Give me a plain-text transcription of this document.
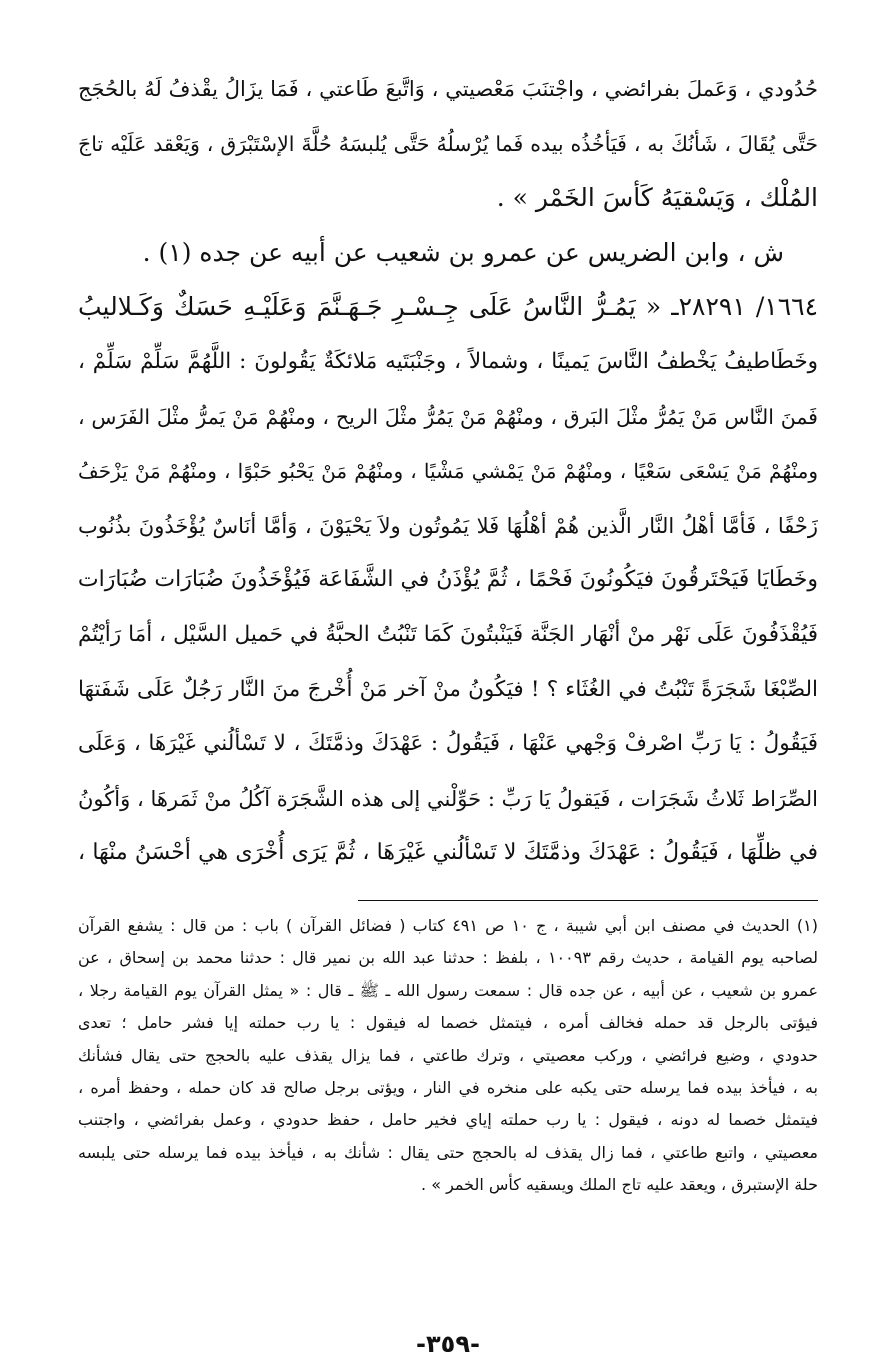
حُدُودي ، وَعَملَ بفرائضي ، واجْتنَبَ مَعْصيتي ، وَاتَّبعَ طَاعتي ، فَمَا يزَالُ يقْذفُ لَهُ بالحُجَج

حَتَّى يُقَالَ ، شَأنُكَ به ، فَيَأخُذُه بيده فَما يُرْسلُهُ حَتَّى يُلبسَهُ حُلَّةَ الإسْتَبْرَق ، وَيَعْقد عَلَيْه تاجَ

المُلْك ، وَيَسْقيَهُ كَأسَ الخَمْر » .

ش ، وابن الضريس عن عمرو بن شعيب عن أبيه عن جده (١) .

١٦٦٤/ ٢٨٢٩١ـ « يَمُـرُّ النَّاسُ عَلَى جِـسْـرِ جَـهَـنَّمَ وَعَلَيْـهِ حَسَكٌ وَكَـلاليبُ

وخَطَاطيفُ يَخْطفُ النَّاسَ يَمينًا ، وشمالاً ، وجَنْبَتَيه مَلائكَةٌ يَقُولونَ : اللَّهُمَّ سَلِّمْ سَلِّمْ ،

فَمنَ النَّاس مَنْ يَمُرُّ مثْلَ البَرق ، ومنْهُمْ مَنْ يَمُرُّ مثْلَ الريح ، ومنْهُمْ مَنْ يَمرُّ مثْلَ الفَرَس ،

ومنْهُمْ مَنْ يَسْعَى سَعْيًا ، ومنْهُمْ مَنْ يَمْشي مَشْيًا ، ومنْهُمْ مَنْ يَحْبُو حَبْوًا ، ومنْهُمْ مَنْ يَزْحَفُ

زَحْفًا ، فَأمَّا أهْلُ النَّار الَّذين هُمْ أهْلُهَا فَلا يَمُوتُون ولاَ يَحْيَوْنَ ، وَأمَّا أنَاسٌ يُؤْخَذُونَ بذُنُوب

وخَطَايَا فَيَحْتَرقُونَ فيَكُونُونَ فَحْمًا ، ثُمَّ يُؤْذَنُ في الشَّفَاعَة فَيُؤْخَذُونَ ضُبَارَات ضُبَارَات

فَيُقْذَفُونَ عَلَى نَهْر منْ أنْهَار الجَنَّة فَيَنْبتُونَ كَمَا تَنْبُتُ الحبَّةُ في حَميل السَّيْل ، أمَا رَأيْتُمْ

الصِّبْغَا شَجَرَةً تَنْبُتُ في الغُثَاء ؟ ! فيَكُونُ منْ آخر مَنْ أُخْرجَ منَ النَّار رَجُلٌ عَلَى شَفَتهَا

فَيَقُولُ : يَا رَبِّ اصْرفْ وَجْهي عَنْهَا ، فَيَقُولُ : عَهْدَكَ وذمَّتَكَ ، لا تَسْألُني غَيْرَهَا ، وَعَلَى

الصِّرَاط ثَلاثُ شَجَرَات ، فَيَقولُ يَا رَبِّ : حَوِّلْني إلى هذه الشَّجَرَة آكُلُ منْ ثَمَرهَا ، وَأكُونُ

في ظلِّهَا ، فَيَقُولُ : عَهْدَكَ وذمَّتَكَ لا تَسْألُني غَيْرَهَا ، ثُمَّ يَرَى أُخْرَى هي أحْسَنُ منْهَا ،

(١) الحديث في مصنف ابن أبي شيبة ، ج ١٠ ص ٤٩١ كتاب ( فضائل القرآن ) باب : من قال : يشفع القرآن

لصاحبه يوم القيامة ، حديث رقم ١٠٠٩٣ ، بلفظ : حدثنا عبد الله بن نمير قال : حدثنا محمد بن إسحاق ، عن

عمرو بن شعيب ، عن أبيه ، عن جده قال : سمعت رسول الله ـ ﷺ ـ قال : « يمثل القرآن يوم القيامة رجلا ،

فيؤتى بالرجل قد حمله فخالف أمره ، فيتمثل خصما له فيقول : يا رب حملته إيا فشر حامل ؛ تعدى

حدودي ، وضيع فرائضي ، وركب معصيتي ، وترك طاعتي ، فما يزال يقذف عليه بالحجج حتى يقال فشأنك

به ، فيأخذ بيده فما يرسله حتى يكبه على منخره في النار ، ويؤتى برجل صالح قد كان حمله ، وحفظ أمره ،

فيتمثل خصما له دونه ، فيقول : يا رب حملته إياي فخير حامل ، حفظ حدودي ، وعمل بفرائضي ، واجتنب

معصيتي ، واتبع طاعتي ، فما زال يقذف له بالحجج حتى يقال : شأنك به ، فيأخذ بيده فما يرسله حتى يلبسه

حلة الإستبرق ، ويعقد عليه تاج الملك ويسقيه كأس الخمر » .

-٣٥٩-
